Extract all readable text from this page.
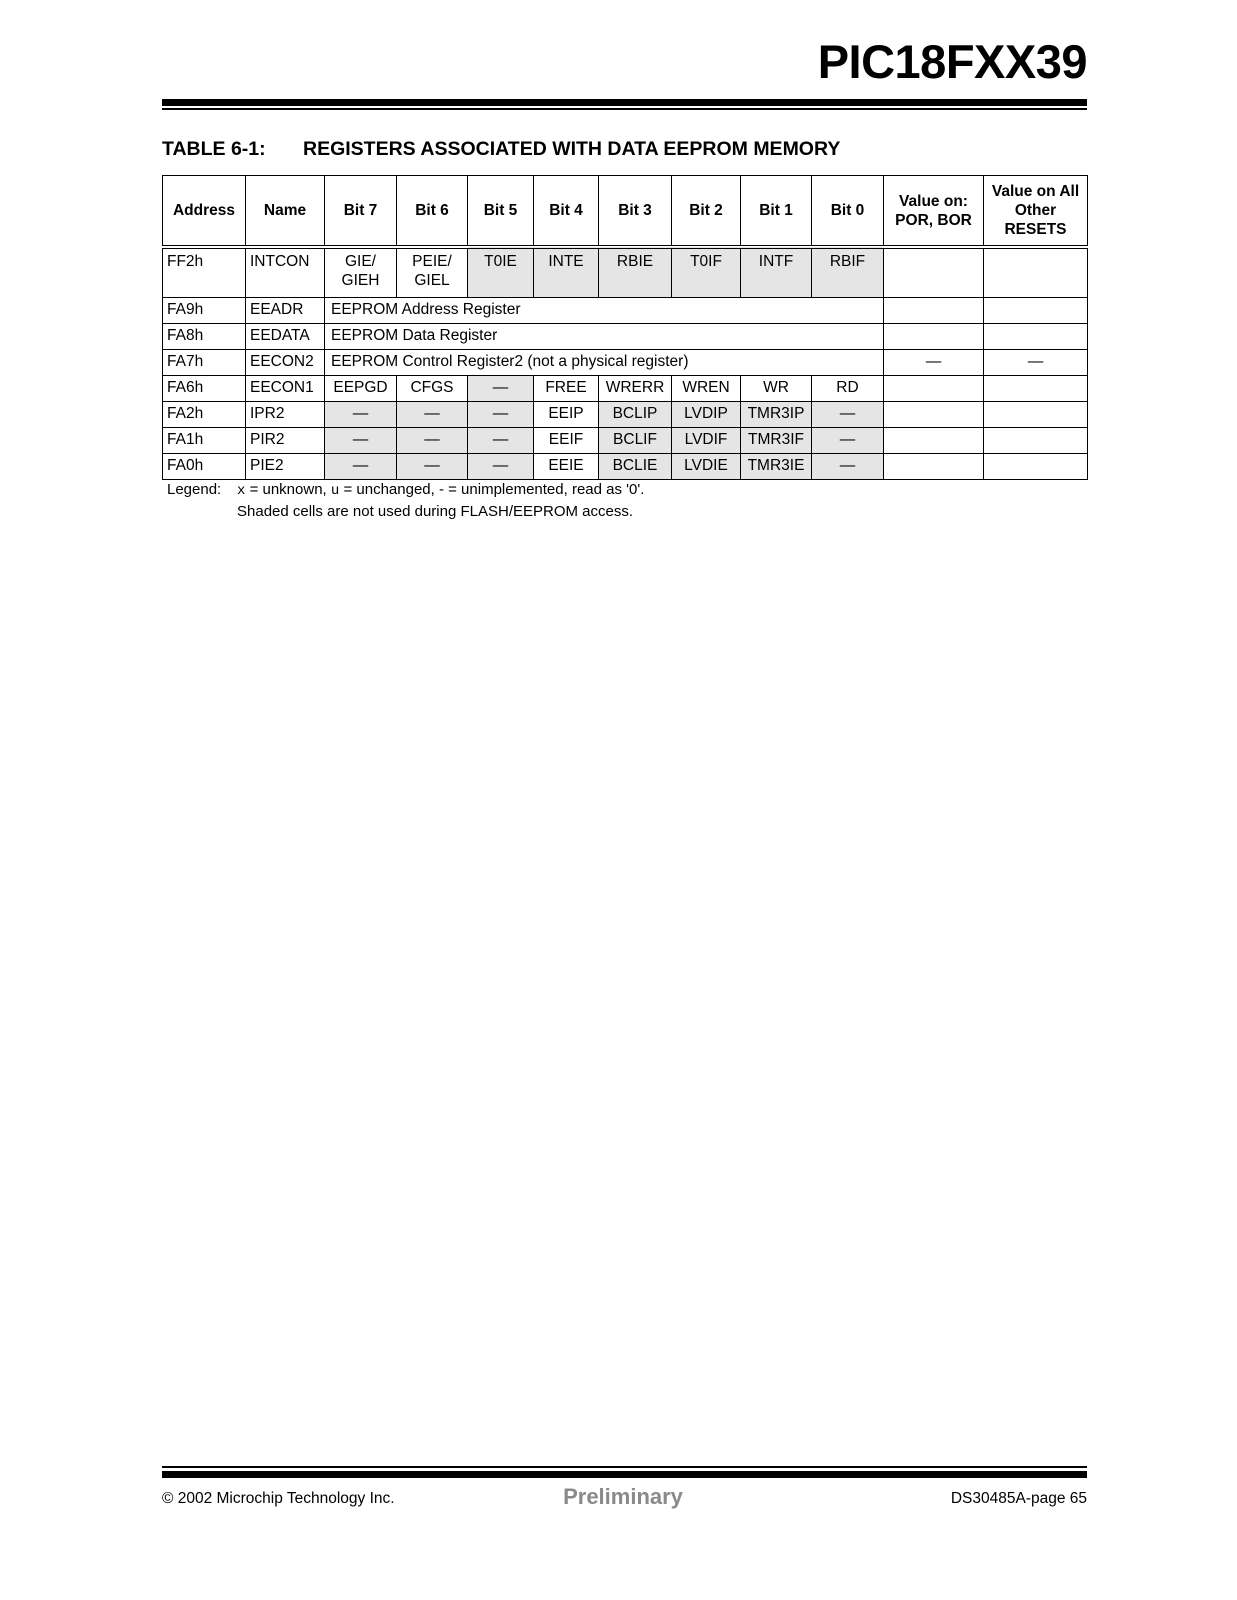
PIC18FXX39
TABLE 6-1: REGISTERS ASSOCIATED WITH DATA EEPROM MEMORY
Address	Name	Bit 7	Bit 6	Bit 5	Bit 4	Bit 3	Bit 2	Bit 1	Bit 0	Value on: POR, BOR	Value on All Other RESETS
FF2h	INTCON	GIE/ GIEH	PEIE/ GIEL	T0IE	INTE	RBIE	T0IF	INTF	RBIF		
FA9h	EEADR	EEPROM Address Register									
FA8h	EEDATA	EEPROM Data Register									
FA7h	EECON2	EEPROM Control Register2 (not a physical register)								—	—
FA6h	EECON1	EEPGD	CFGS	—	FREE	WRERR	WREN	WR	RD		
FA2h	IPR2	—	—	—	EEIP	BCLIP	LVDIP	TMR3IP	—		
FA1h	PIR2	—	—	—	EEIF	BCLIF	LVDIF	TMR3IF	—		
FA0h	PIE2	—	—	—	EEIE	BCLIE	LVDIE	TMR3IE	—		
Legend: x = unknown, u = unchanged, - = unimplemented, read as '0'.
Shaded cells are not used during FLASH/EEPROM access.
© 2002 Microchip Technology Inc.	Preliminary	DS30485A-page 65
